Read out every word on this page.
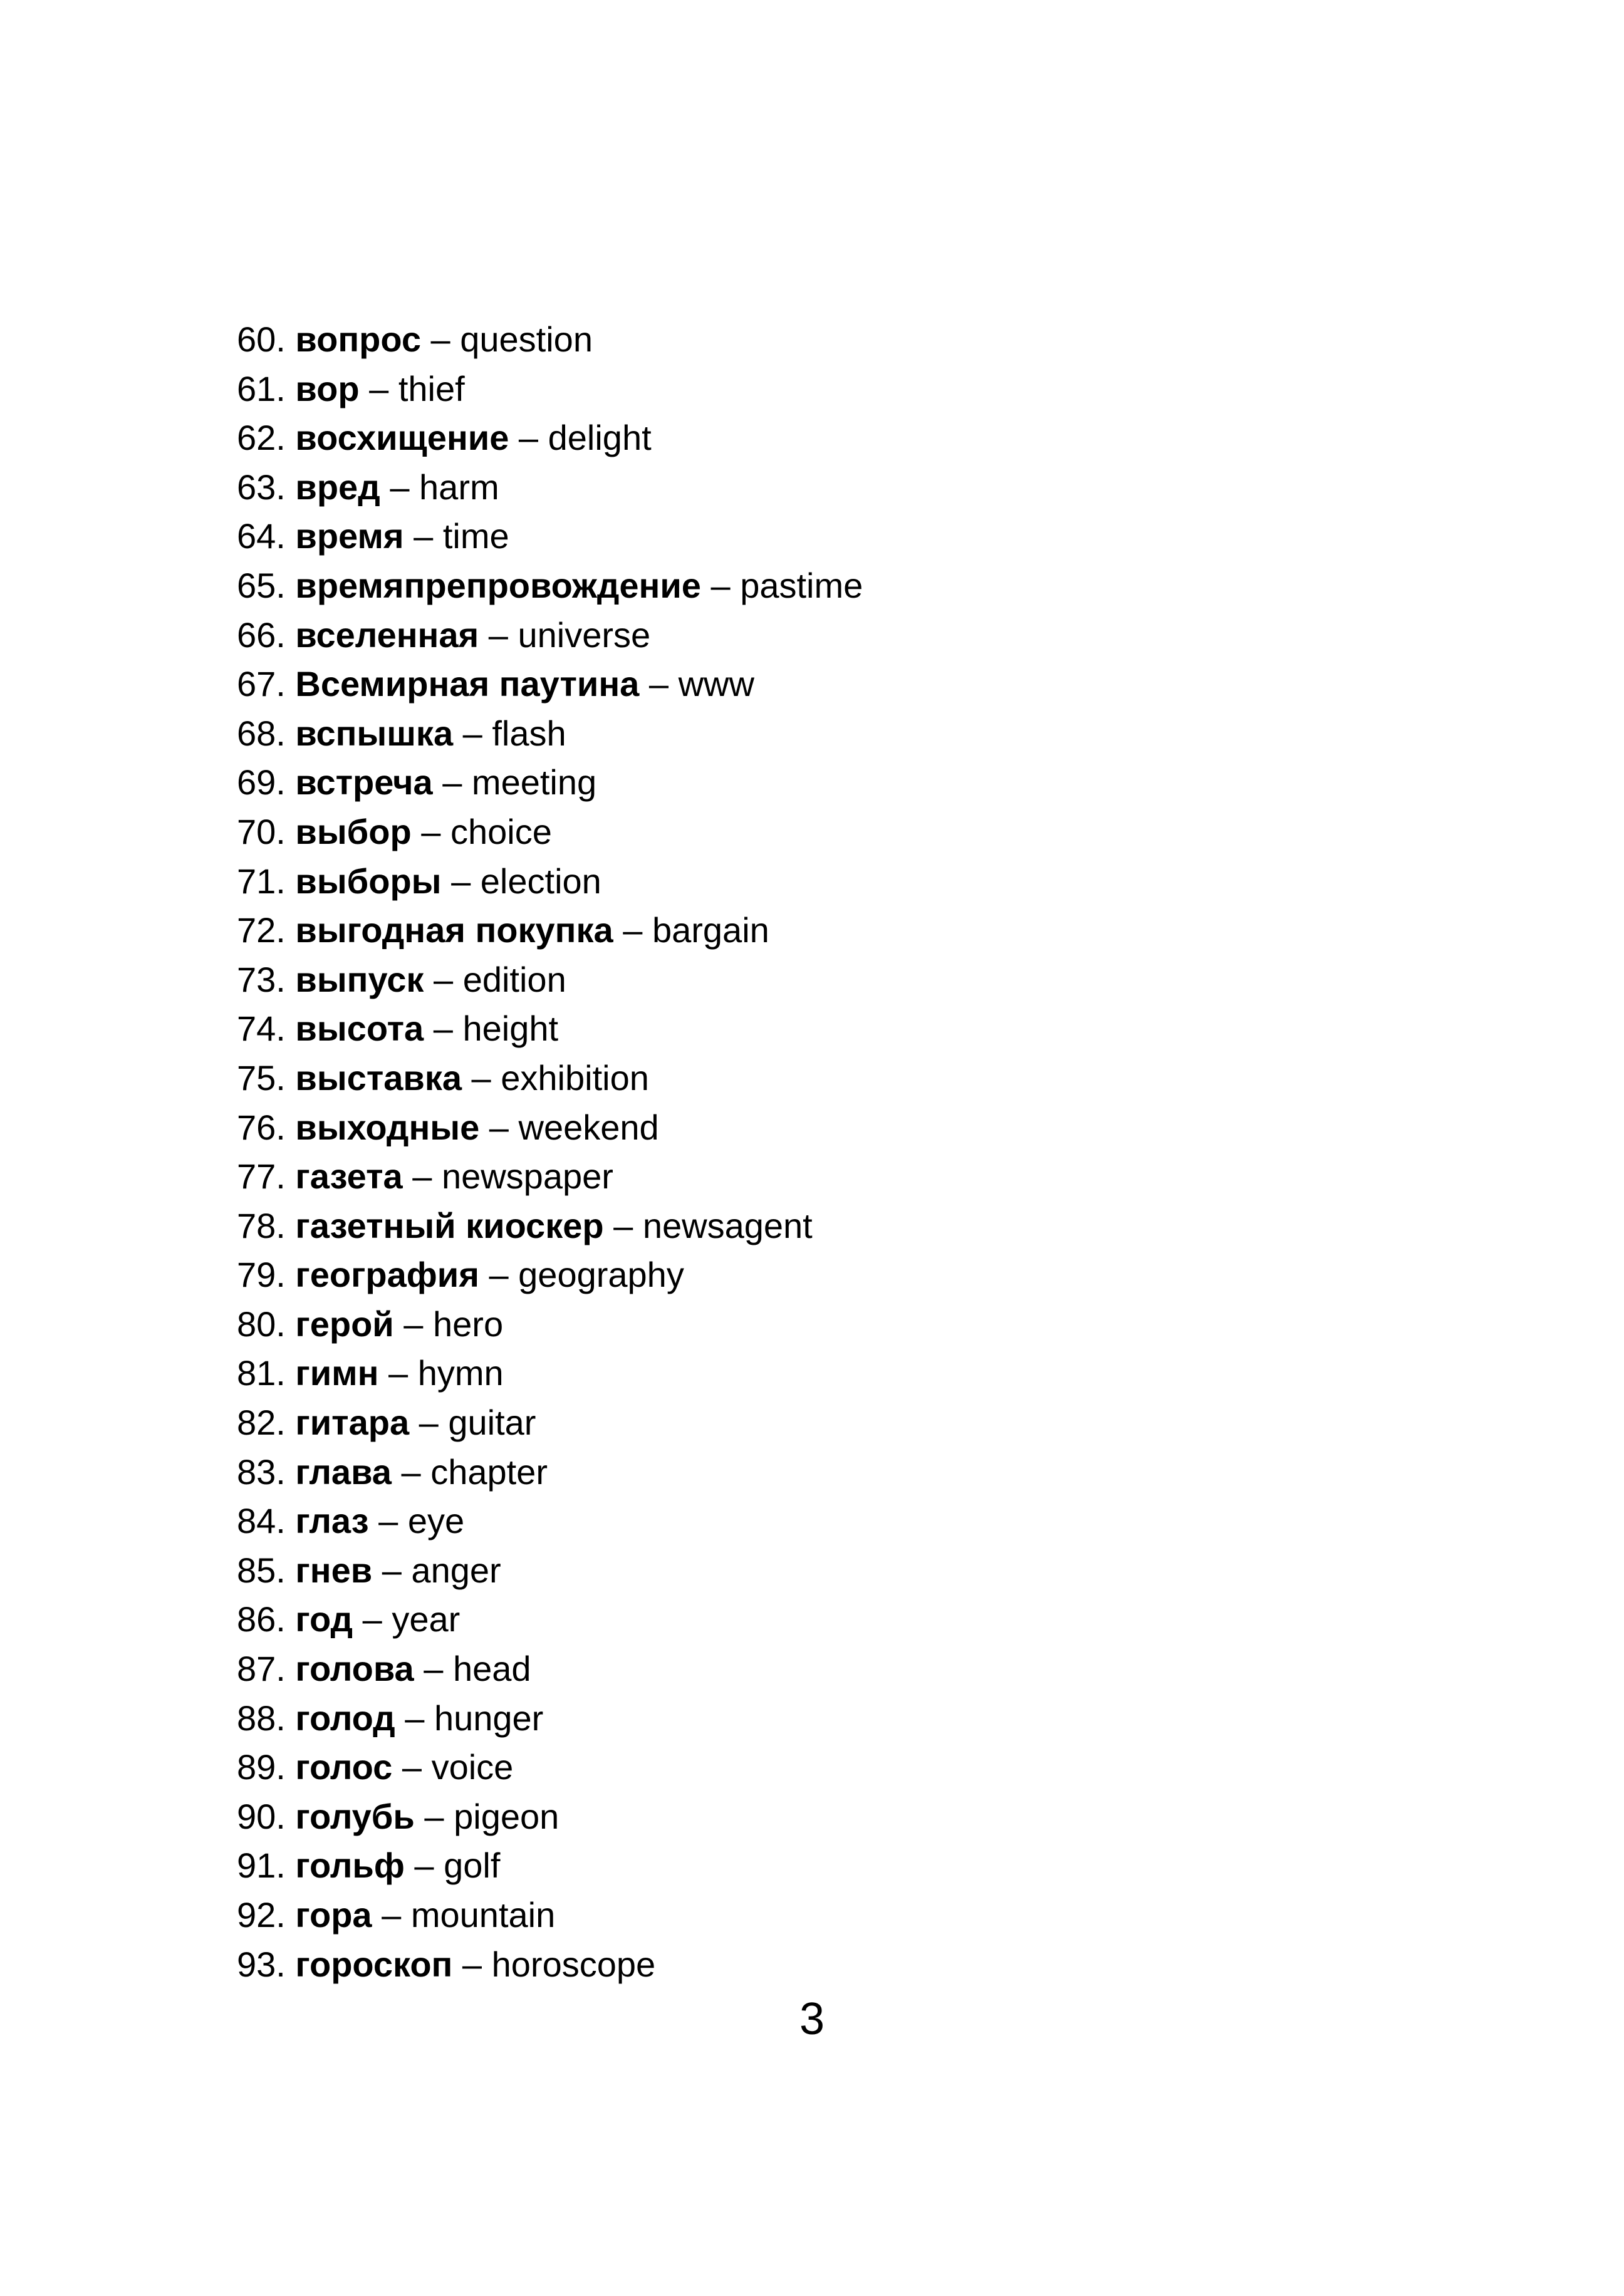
60. вопрос – question
61. вор – thief
62. восхищение – delight
63. вред – harm
64. время – time
65. времяпрепровождение – pastime
66. вселенная – universe
67. Всемирная паутина – www
68. вспышка – flash
69. встреча – meeting
70. выбор – choice
71. выборы – election
72. выгодная покупка – bargain
73. выпуск – edition
74. высота – height
75. выставка – exhibition
76. выходные – weekend
77. газета – newspaper
78. газетный киоскер – newsagent
79. география – geography
80. герой – hero
81. гимн – hymn
82. гитара – guitar
83. глава – chapter
84. глаз – eye
85. гнев – anger
86. год – year
87. голова – head
88. голод – hunger
89. голос – voice
90. голубь – pigeon
91. гольф – golf
92. гора – mountain
93. гороскоп – horoscope
3
